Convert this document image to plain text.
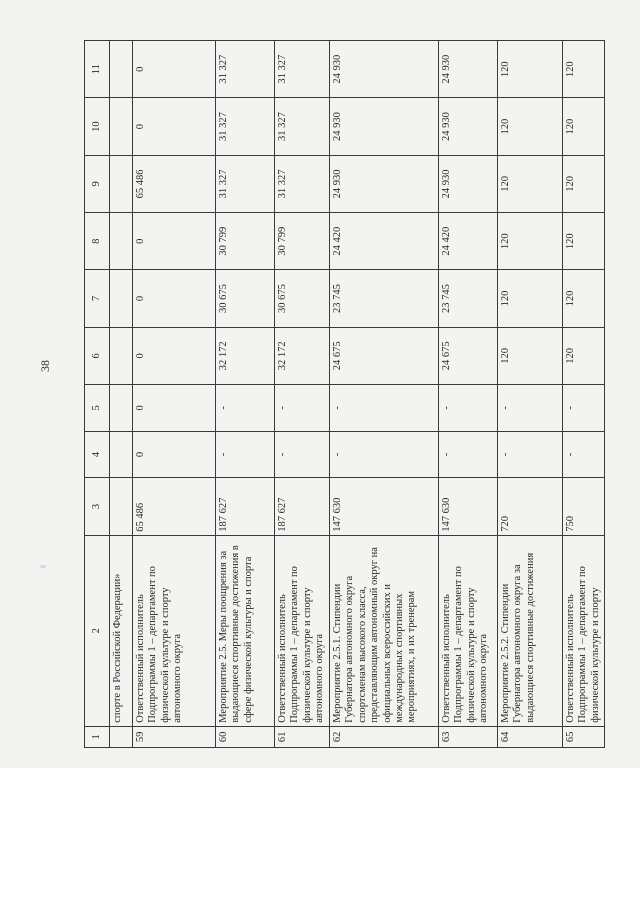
38
1	2	3	4	5	6	7	8	9	10	11
	спорте в Российской Федерации»									
59	Ответственный исполнитель Подпрограммы 1 – департамент по физической культуре и спорту автономного округа	65 486	0	0	0	0	0	65 486	0	0
60	Мероприятие 2.5. Меры поощрения за выдающиеся спортивные достижения в сфере физической культуры и спорта	187 627	-	-	32 172	30 675	30 799	31 327	31 327	31 327
61	Ответственный исполнитель Подпрограммы 1 – департамент по физической культуре и спорту автономного округа	187 627	-	-	32 172	30 675	30 799	31 327	31 327	31 327
62	Мероприятие 2.5.1. Стипендии Губернатора автономного округа спортсменам высокого класса, представляющим автономный округ на официальных всероссийских и международных спортивных мероприятиях, и их тренерам	147 630	-	-	24 675	23 745	24 420	24 930	24 930	24 930
63	Ответственный исполнитель Подпрограммы 1 – департамент по физической культуре и спорту автономного округа	147 630	-	-	24 675	23 745	24 420	24 930	24 930	24 930
64	Мероприятие 2.5.2. Стипендии Губернатора автономного округа за выдающиеся спортивные достижения	720	-	-	120	120	120	120	120	120
65	Ответственный исполнитель Подпрограммы 1 – департамент по физической культуре и спорту	750	-	-	120	120	120	120	120	120
